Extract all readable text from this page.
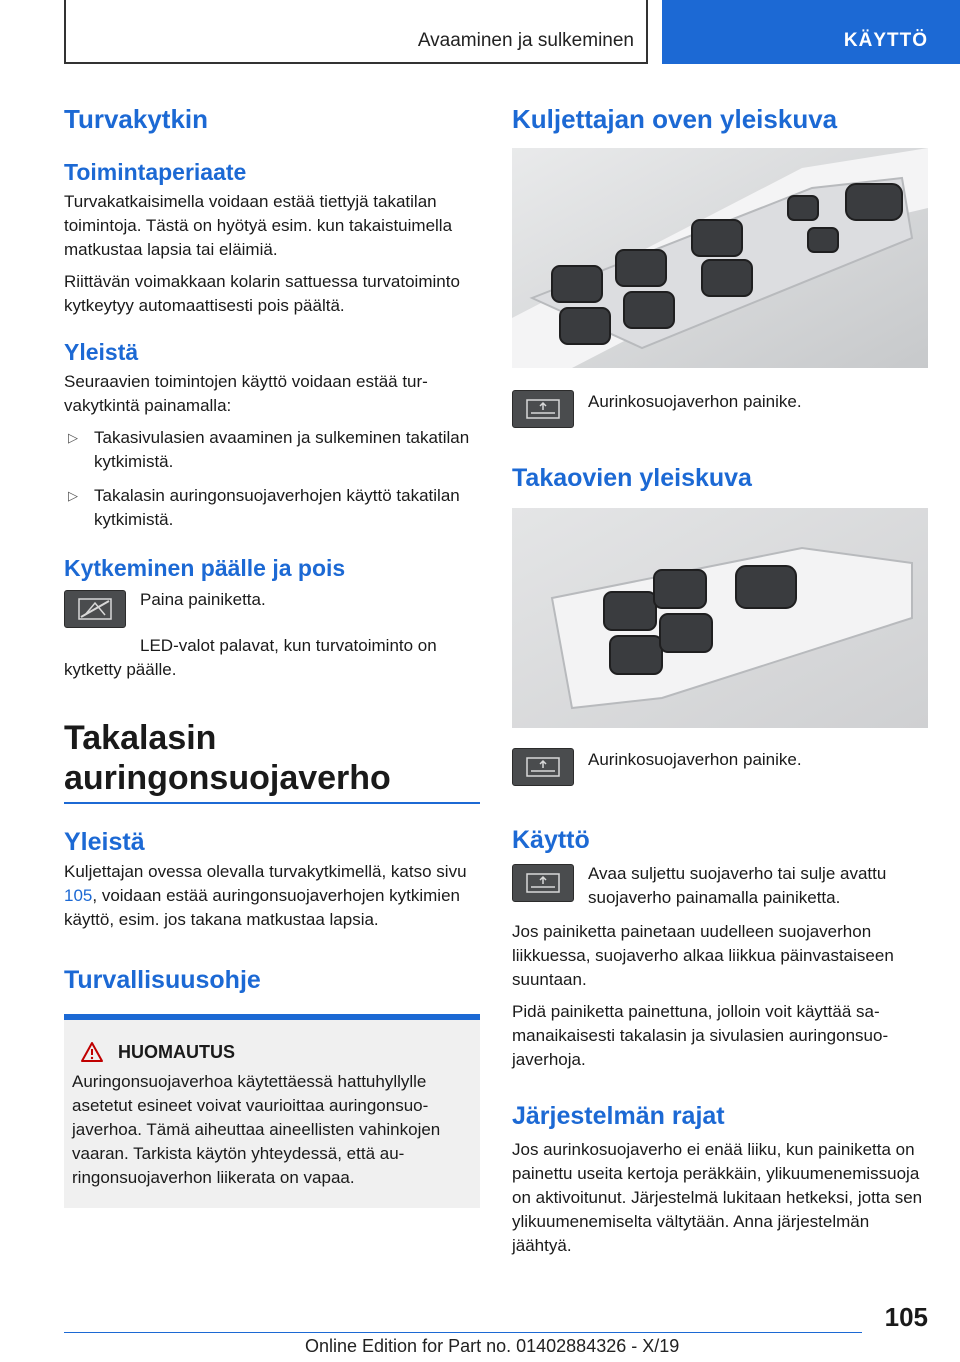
Avaaminen ja sulkeminen	KÄYTTÖ
Turvakytkin
Toimintaperiaate

Turvakatkaisimella voidaan estää tiettyjä takatilan toimintoja. Tästä on hyötyä esim. kun takaistuimella matkustaa lapsia tai eläimiä.

Riittävän voimakkaan kolarin sattuessa turvatoiminto kytkeytyy automaattisesti pois päältä.

Yleistä

Seuraavien toimintojen käyttö voidaan estää turvakytkintä painamalla:

▷ Takasivulasien avaaminen ja sulkeminen takatilan kytkimistä.
▷ Takalasin auringonsuojaverhojen käyttö takatilan kytkimistä.
Kytkeminen päälle ja pois

Paina painiketta.

LED-valot palavat, kun turvatoiminto on kytketty päälle.

Takalasin auringonsuojaverho
Yleistä

Kuljettajan ovessa olevalla turvakytkimellä, katso sivu 105, voidaan estää auringonsuojaverhojen kytkimien käyttö, esim. jos takana matkustaa lapsia.

Turvallisuusohje
HUOMAUTUS

Auringonsuojaverhoa käytettäessä hattuhyllylle asetetut esineet voivat vaurioittaa auringonsuojaverhoa. Tämä aiheuttaa aineellisten vahinkojen vaaran. Tarkista käytön yhteydessä, että auringonsuojaverhon liikerata on vapaa.

Kuljettajan oven yleiskuva

Aurinkosuojaverhon painike.

Takaovien yleiskuva

Aurinkosuojaverhon painike.

Käyttö

Avaa suljettu suojaverho tai sulje avattu suojaverho painamalla painiketta.

Jos painiketta painetaan uudelleen suojaverhon liikkuessa, suojaverho alkaa liikkua päinvastaiseen suuntaan.

Pidä painiketta painettuna, jolloin voit käyttää samanaikaisesti takalasin ja sivulasien auringonsuojaverhoja.

Järjestelmän rajat

Jos aurinkosuojaverho ei enää liiku, kun painiketta on painettu useita kertoja peräkkäin, ylikuumenemissuoja on aktivoitunut. Järjestelmä lukitaan hetkeksi, jotta sen ylikuumenemiselta vältytään. Anna järjestelmän jäähtyä.

105
Online Edition for Part no. 01402884326 - X/19
